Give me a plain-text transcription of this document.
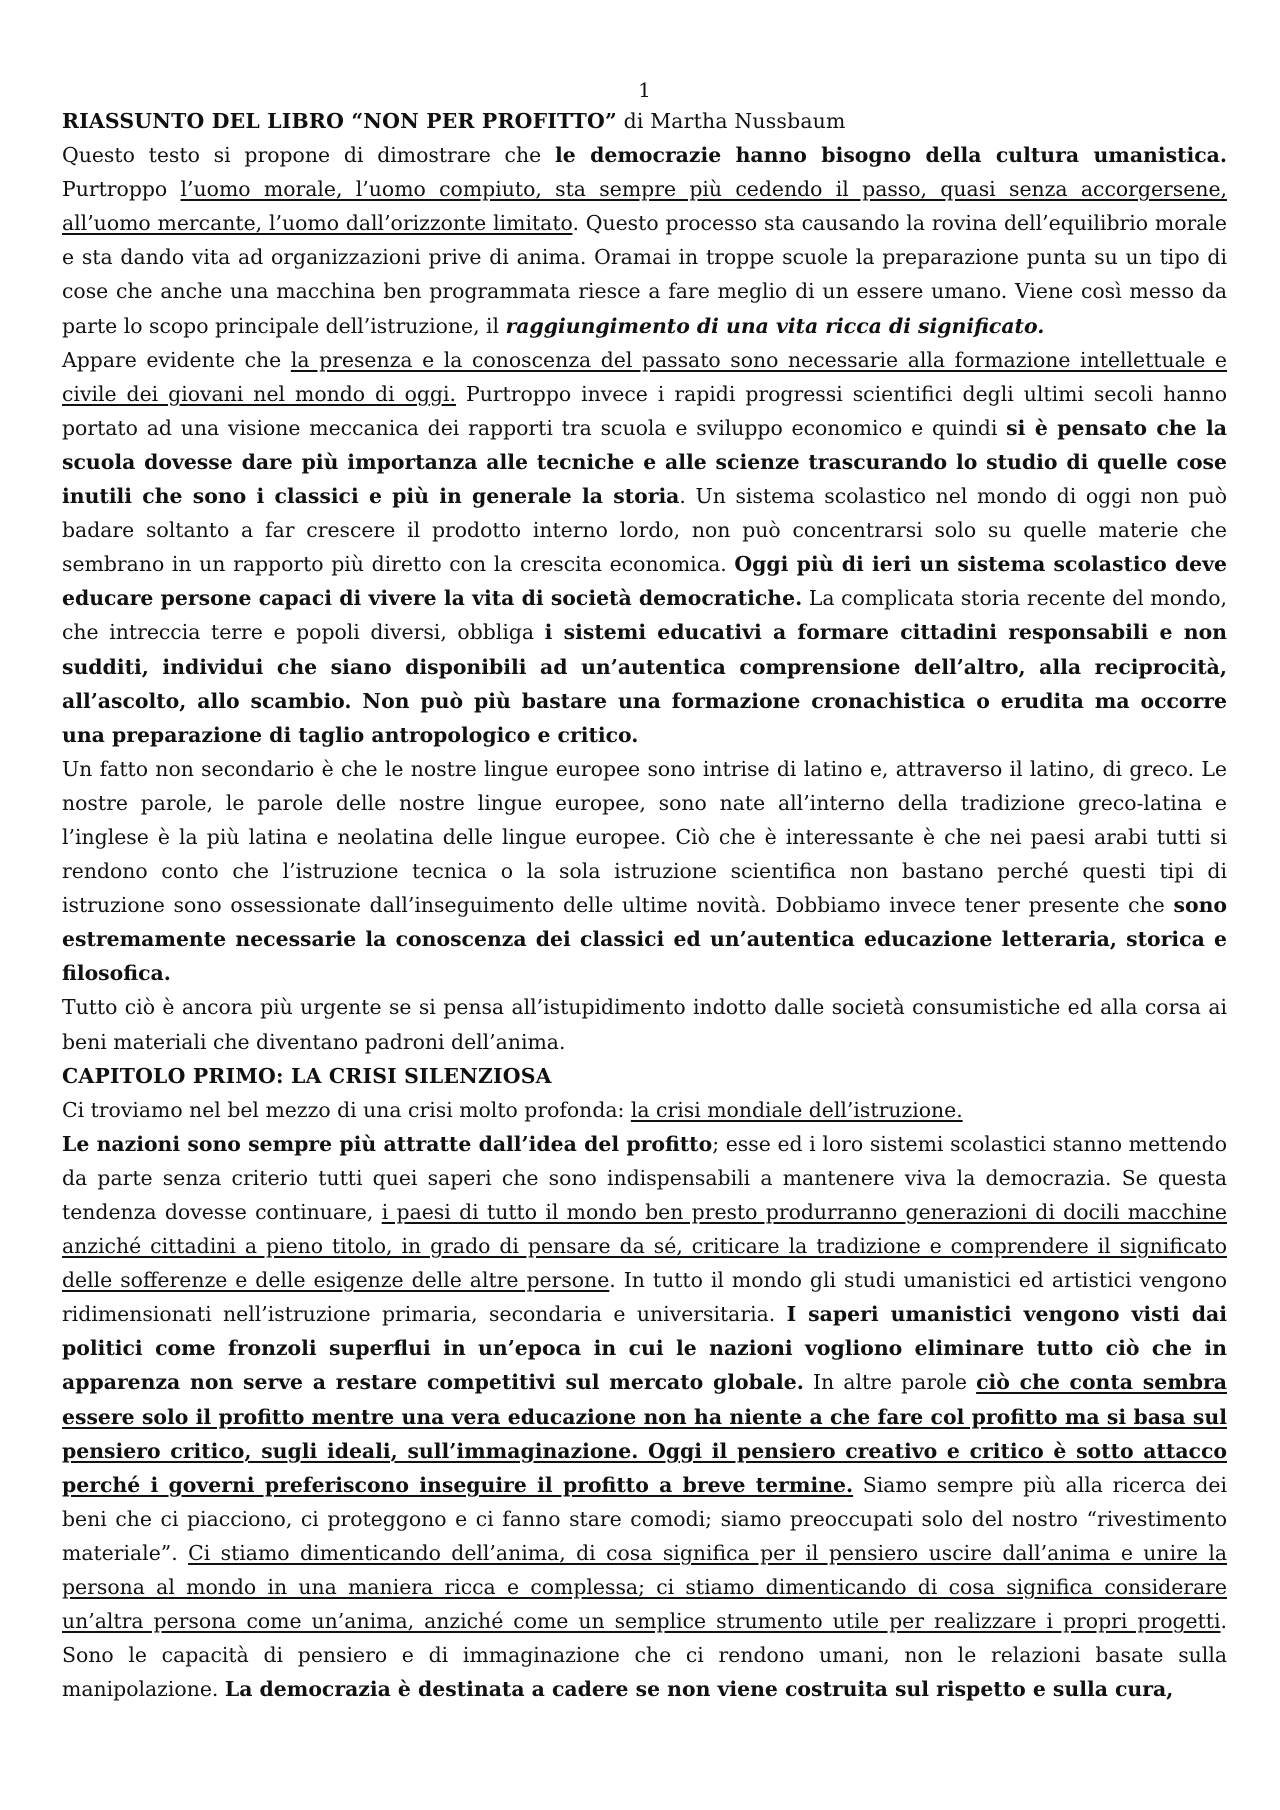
1

RIASSUNTO DEL LIBRO “NON PER PROFITTO” di Martha Nussbaum

Questo testo si propone di dimostrare che le democrazie hanno bisogno della cultura umanistica. Purtroppo l’uomo morale, l’uomo compiuto, sta sempre più cedendo il passo, quasi senza accorgersene, all’uomo mercante, l’uomo dall’orizzonte limitato. Questo processo sta causando la rovina dell’equilibrio morale e sta dando vita ad organizzazioni prive di anima. Oramai in troppe scuole la preparazione punta su un tipo di cose che anche una macchina ben programmata riesce a fare meglio di un essere umano. Viene così messo da parte lo scopo principale dell’istruzione, il raggiungimento di una vita ricca di significato.

Appare evidente che la presenza e la conoscenza del passato sono necessarie alla formazione intellettuale e civile dei giovani nel mondo di oggi. Purtroppo invece i rapidi progressi scientifici degli ultimi secoli hanno portato ad una visione meccanica dei rapporti tra scuola e sviluppo economico e quindi si è pensato che la scuola dovesse dare più importanza alle tecniche e alle scienze trascurando lo studio di quelle cose inutili che sono i classici e più in generale la storia. Un sistema scolastico nel mondo di oggi non può badare soltanto a far crescere il prodotto interno lordo, non può concentrarsi solo su quelle materie che sembrano in un rapporto più diretto con la crescita economica. Oggi più di ieri un sistema scolastico deve educare persone capaci di vivere la vita di società democratiche. La complicata storia recente del mondo, che intreccia terre e popoli diversi, obbliga i sistemi educativi a formare cittadini responsabili e non sudditi, individui che siano disponibili ad un’autentica comprensione dell’altro, alla reciprocità, all’ascolto, allo scambio. Non può più bastare una formazione cronachistica o erudita ma occorre una preparazione di taglio antropologico e critico.

Un fatto non secondario è che le nostre lingue europee sono intrise di latino e, attraverso il latino, di greco. Le nostre parole, le parole delle nostre lingue europee, sono nate all’interno della tradizione greco-latina e l’inglese è la più latina e neolatina delle lingue europee. Ciò che è interessante è che nei paesi arabi tutti si rendono conto che l’istruzione tecnica o la sola istruzione scientifica non bastano perché questi tipi di istruzione sono ossessionate dall’inseguimento delle ultime novità. Dobbiamo invece tener presente che sono estremamente necessarie la conoscenza dei classici ed un’autentica educazione letteraria, storica e filosofica.

Tutto ciò è ancora più urgente se si pensa all’istupidimento indotto dalle società consumistiche ed alla corsa ai beni materiali che diventano padroni dell’anima.

CAPITOLO PRIMO: LA CRISI SILENZIOSA

Ci troviamo nel bel mezzo di una crisi molto profonda: la crisi mondiale dell’istruzione.

Le nazioni sono sempre più attratte dall’idea del profitto; esse ed i loro sistemi scolastici stanno mettendo da parte senza criterio tutti quei saperi che sono indispensabili a mantenere viva la democrazia. Se questa tendenza dovesse continuare, i paesi di tutto il mondo ben presto produrranno generazioni di docili macchine anziché cittadini a pieno titolo, in grado di pensare da sé, criticare la tradizione e comprendere il significato delle sofferenze e delle esigenze delle altre persone. In tutto il mondo gli studi umanistici ed artistici vengono ridimensionati nell’istruzione primaria, secondaria e universitaria. I saperi umanistici vengono visti dai politici come fronzoli superflui in un’epoca in cui le nazioni vogliono eliminare tutto ciò che in apparenza non serve a restare competitivi sul mercato globale. In altre parole ciò che conta sembra essere solo il profitto mentre una vera educazione non ha niente a che fare col profitto ma si basa sul pensiero critico, sugli ideali, sull’immaginazione. Oggi il pensiero creativo e critico è sotto attacco perché i governi preferiscono inseguire il profitto a breve termine. Siamo sempre più alla ricerca dei beni che ci piacciono, ci proteggono e ci fanno stare comodi; siamo preoccupati solo del nostro “rivestimento materiale”. Ci stiamo dimenticando dell’anima, di cosa significa per il pensiero uscire dall’anima e unire la persona al mondo in una maniera ricca e complessa; ci stiamo dimenticando di cosa significa considerare un’altra persona come un’anima, anziché come un semplice strumento utile per realizzare i propri progetti. Sono le capacità di pensiero e di immaginazione che ci rendono umani, non le relazioni basate sulla manipolazione. La democrazia è destinata a cadere se non viene costruita sul rispetto e sulla cura,
